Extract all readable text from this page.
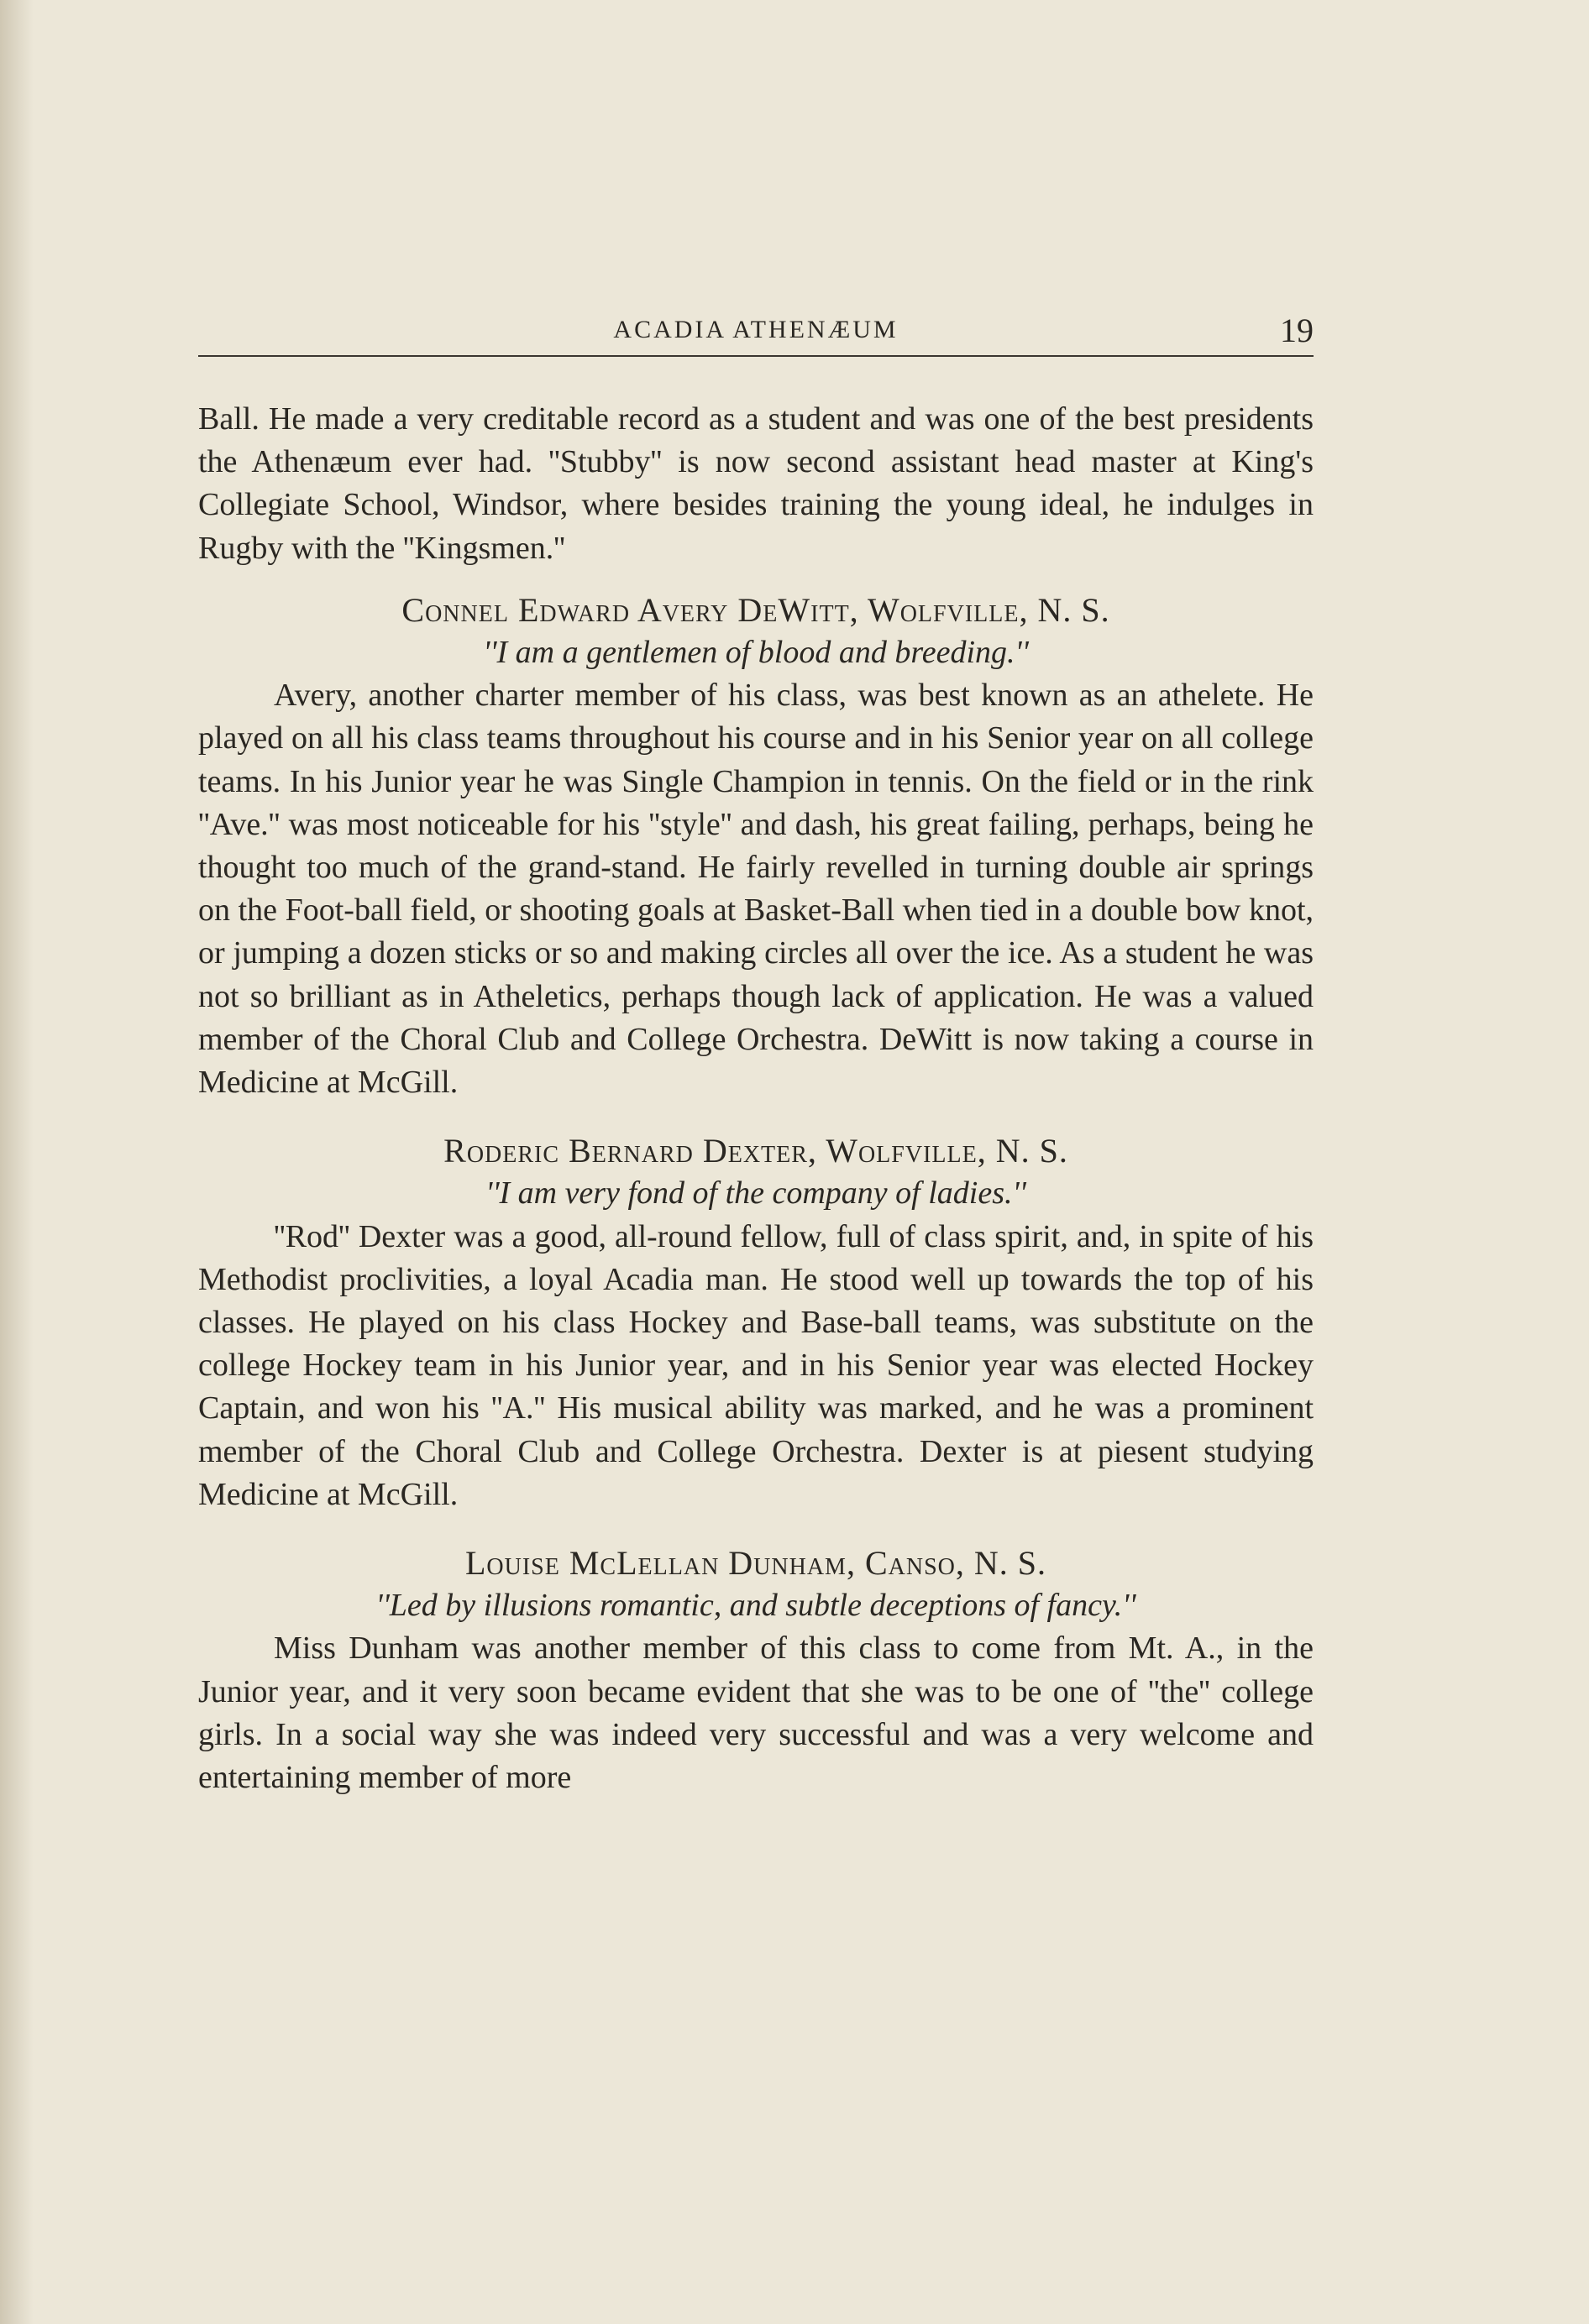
ACADIA ATHENÆUM	19

Ball. He made a very creditable record as a student and was one of the best presidents the Athenæum ever had. ''Stubby'' is now second assistant head master at King's Collegiate School, Windsor, where besides training the young ideal, he indulges in Rugby with the ''Kingsmen.''

Connel Edward Avery DeWitt, Wolfville, N. S.

''I am a gentlemen of blood and breeding.''

Avery, another charter member of his class, was best known as an athelete. He played on all his class teams throughout his course and in his Senior year on all college teams. In his Junior year he was Single Champion in tennis. On the field or in the rink ''Ave.'' was most noticeable for his ''style'' and dash, his great failing, perhaps, being he thought too much of the grand-stand. He fairly revelled in turning double air springs on the Foot-ball field, or shooting goals at Basket-Ball when tied in a double bow knot, or jumping a dozen sticks or so and making circles all over the ice. As a student he was not so brilliant as in Atheletics, perhaps though lack of application. He was a valued member of the Choral Club and College Orchestra. DeWitt is now taking a course in Medicine at McGill.

Roderic Bernard Dexter, Wolfville, N. S.

''I am very fond of the company of ladies.''

''Rod'' Dexter was a good, all-round fellow, full of class spirit, and, in spite of his Methodist proclivities, a loyal Acadia man. He stood well up towards the top of his classes. He played on his class Hockey and Base-ball teams, was substitute on the college Hockey team in his Junior year, and in his Senior year was elected Hockey Captain, and won his ''A.'' His musical ability was marked, and he was a prominent member of the Choral Club and College Orchestra. Dexter is at piesent studying Medicine at McGill.

Louise McLellan Dunham, Canso, N. S.

''Led by illusions romantic, and subtle deceptions of fancy.''

Miss Dunham was another member of this class to come from Mt. A., in the Junior year, and it very soon became evident that she was to be one of ''the'' college girls. In a social way she was indeed very successful and was a very welcome and entertaining member of more
